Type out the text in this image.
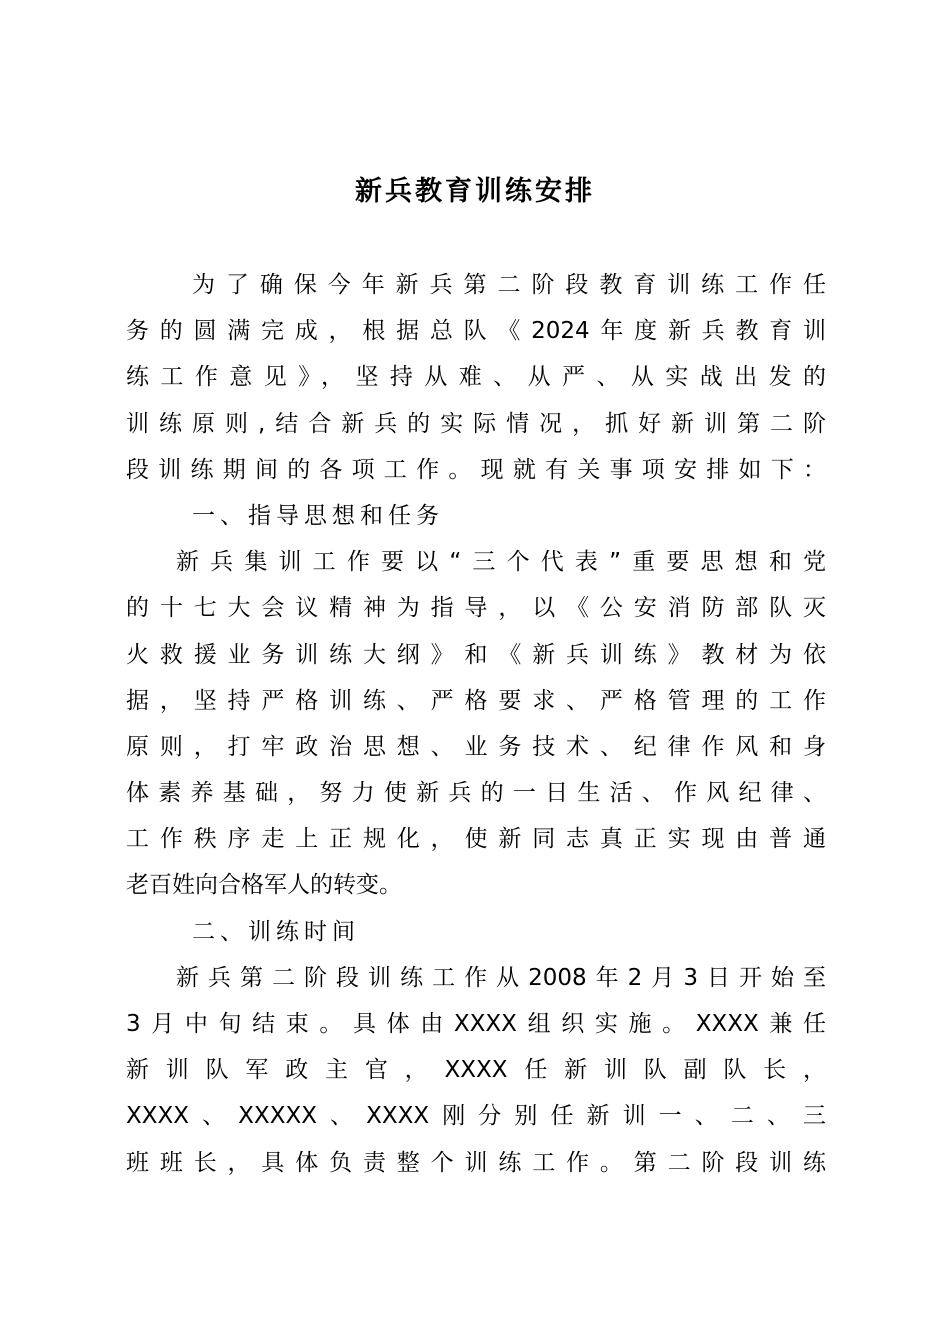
新兵教育训练安排
为了确保今年新兵第二阶段教育训练工作任
务的圆满完成，根据总队《2024年度新兵教育训
练工作意见》，坚持从难、从严、从实战出发的
训练原则,结合新兵的实际情况，抓好新训第二阶
段训练期间的各项工作。现就有关事项安排如下：
一、指导思想和任务
新兵集训工作要以“三个代表”重要思想和党
的十七大会议精神为指导，以《公安消防部队灭
火救援业务训练大纲》和《新兵训练》教材为依
据，坚持严格训练、严格要求、严格管理的工作
原则，打牢政治思想、业务技术、纪律作风和身
体素养基础，努力使新兵的一日生活、作风纪律、
工作秩序走上正规化，使新同志真正实现由普通
老百姓向合格军人的转变。
二、训练时间
新兵第二阶段训练工作从2008年2月3日开始至
3月中旬结束。具体由XXXX组织实施。XXXX兼任
新训队军政主官，XXXX任新训队副队长，
XXXX、XXXXX、XXXX刚分别任新训一、二、三
班班长，具体负责整个训练工作。第二阶段训练
